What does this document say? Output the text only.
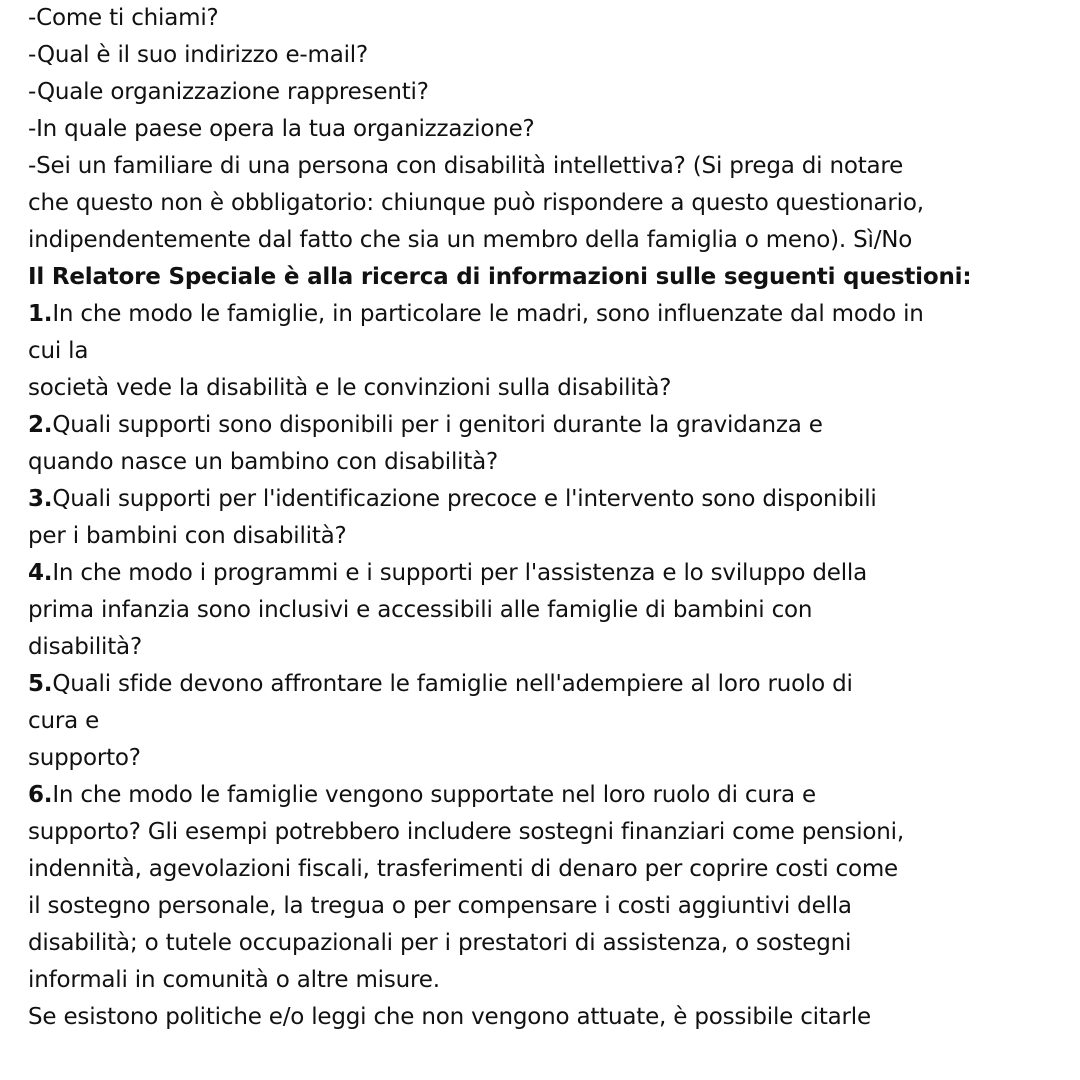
-Come ti chiami?
-Qual è il suo indirizzo e-mail?
-Quale organizzazione rappresenti?
-In quale paese opera la tua organizzazione?
-Sei un familiare di una persona con disabilità intellettiva? (Si prega di notare
che questo non è obbligatorio: chiunque può rispondere a questo questionario,
indipendentemente dal fatto che sia un membro della famiglia o meno). Sì/No
Il Relatore Speciale è alla ricerca di informazioni sulle seguenti questioni:
1.In che modo le famiglie, in particolare le madri, sono influenzate dal modo in
cui la
società vede la disabilità e le convinzioni sulla disabilità?
2.Quali supporti sono disponibili per i genitori durante la gravidanza e
quando nasce un bambino con disabilità?
3.Quali supporti per l'identificazione precoce e l'intervento sono disponibili
per i bambini con disabilità?
4.In che modo i programmi e i supporti per l'assistenza e lo sviluppo della
prima infanzia sono inclusivi e accessibili alle famiglie di bambini con
disabilità?
5.Quali sfide devono affrontare le famiglie nell'adempiere al loro ruolo di
cura e
supporto?
6.In che modo le famiglie vengono supportate nel loro ruolo di cura e
supporto? Gli esempi potrebbero includere sostegni finanziari come pensioni,
indennità, agevolazioni fiscali, trasferimenti di denaro per coprire costi come
il sostegno personale, la tregua o per compensare i costi aggiuntivi della
disabilità; o tutele occupazionali per i prestatori di assistenza, o sostegni
informali in comunità o altre misure.
Se esistono politiche e/o leggi che non vengono attuate, è possibile citarle
